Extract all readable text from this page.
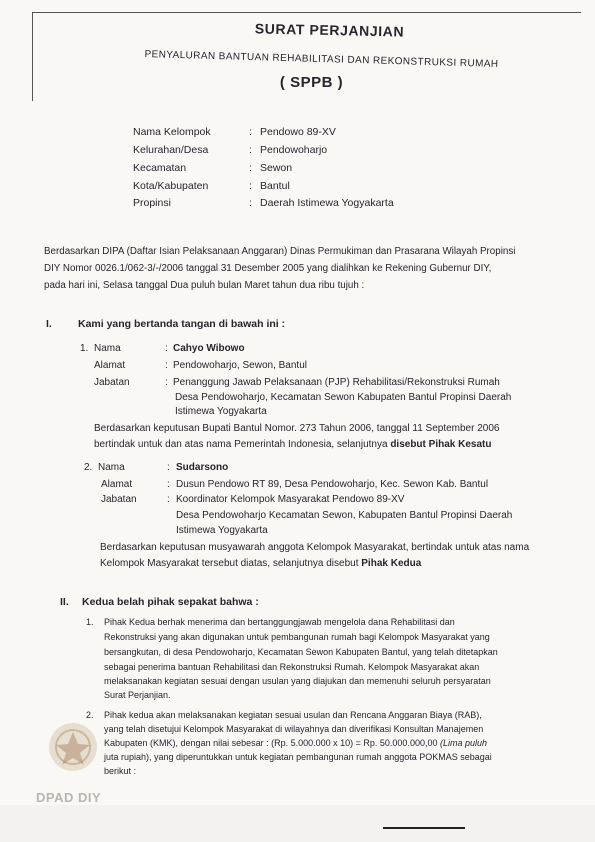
SURAT PERJANJIAN
PENYALURAN BANTUAN REHABILITASI DAN REKONSTRUKSI RUMAH
( SPPB )
Nama Kelompok	: Pendowo 89-XV
Kelurahan/Desa	: Pendowoharjo
Kecamatan	: Sewon
Kota/Kabupaten	: Bantul
Propinsi	: Daerah Istimewa Yogyakarta
Berdasarkan DIPA (Daftar Isian Pelaksanaan Anggaran) Dinas Permukiman dan Prasarana Wilayah Propinsi
DIY Nomor 0026.1/062-3/-/2006 tanggal 31 Desember 2005 yang dialihkan ke Rekening Gubernur DIY,
pada hari ini, Selasa tanggal Dua puluh bulan Maret tahun dua ribu tujuh :
I. Kami yang bertanda tangan di bawah ini :
1. Nama	: Cahyo Wibowo
Alamat	: Pendowoharjo, Sewon, Bantul
Jabatan	: Penanggung Jawab Pelaksanaan (PJP) Rehabilitasi/Rekonstruksi Rumah
Desa Pendowoharjo, Kecamatan Sewon Kabupaten Bantul Propinsi Daerah
Istimewa Yogyakarta
Berdasarkan keputusan Bupati Bantul Nomor. 273 Tahun 2006, tanggal 11 September 2006
bertindak untuk dan atas nama Pemerintah Indonesia, selanjutnya disebut Pihak Kesatu
2. Nama	: Sudarsono
Alamat	: Dusun Pendowo RT 89, Desa Pendowoharjo, Kec. Sewon Kab. Bantul
Jabatan	: Koordinator Kelompok Masyarakat Pendowo 89-XV
Desa Pendowoharjo Kecamatan Sewon, Kabupaten Bantul Propinsi Daerah
Istimewa Yogyakarta
Berdasarkan keputusan musyawarah anggota Kelompok Masyarakat, bertindak untuk atas nama
Kelompok Masyarakat tersebut diatas, selanjutnya disebut Pihak Kedua
II. Kedua belah pihak sepakat bahwa :
1. Pihak Kedua berhak menerima dan bertanggungjawab mengelola dana Rehabilitasi dan
Rekonstruksi yang akan digunakan untuk pembangunan rumah bagi Kelompok Masyarakat yang
bersangkutan, di desa Pendowoharjo, Kecamatan Sewon Kabupaten Bantul, yang telah ditetapkan
sebagai penerima bantuan Rehabilitasi dan Rekonstruksi Rumah. Kelompok Masyarakat akan
melaksanakan kegiatan sesuai dengan usulan yang diajukan dan memenuhi seluruh persyaratan
Surat Perjanjian.
2. Pihak kedua akan melaksanakan kegiatan sesuai usulan dan Rencana Anggaran Biaya (RAB),
yang telah disetujui Kelompok Masyarakat di wilayahnya dan diverifikasi Konsultan Manajemen
Kabupaten (KMK), dengan nilai sebesar : (Rp. 5.000.000 x 10) = Rp. 50.000.000,00 (Lima puluh
juta rupiah), yang diperuntukkan untuk kegiatan pembangunan rumah anggota POKMAS sebagai
berikut :
DPAD DIY
